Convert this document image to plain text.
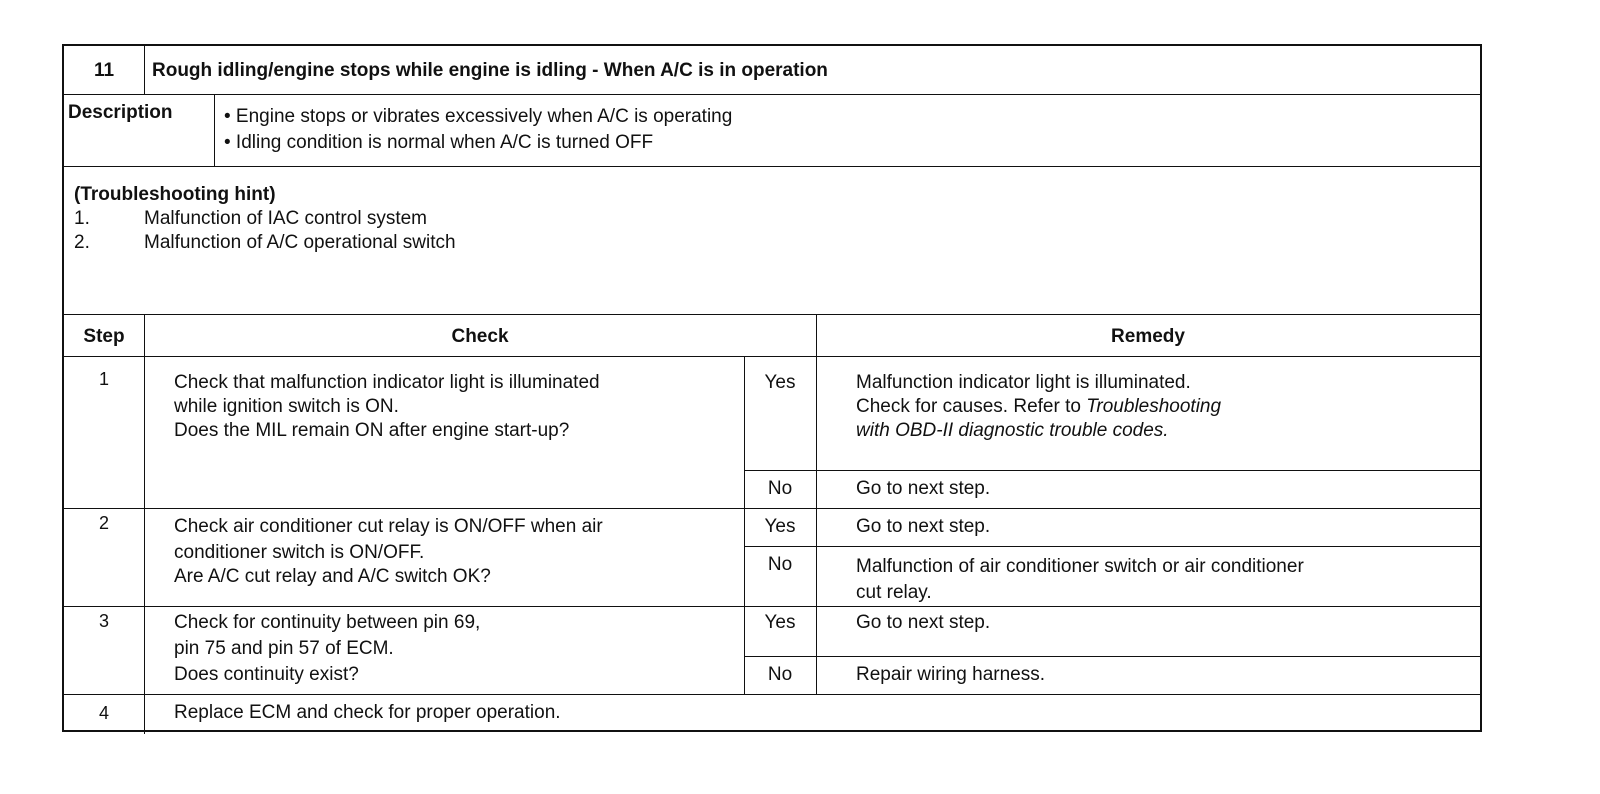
11	Rough idling/engine stops while engine is idling - When A/C is in operation
Description	• Engine stops or vibrates excessively when A/C is operating
• Idling condition is normal when A/C is turned OFF
(Troubleshooting hint)
1.	Malfunction of IAC control system
2.	Malfunction of A/C operational switch
Step	Check	Remedy
1	Check that malfunction indicator light is illuminated
while ignition switch is ON.
Does the MIL remain ON after engine start-up?
Yes	Malfunction indicator light is illuminated.
Check for causes. Refer to Troubleshooting
with OBD-II diagnostic trouble codes.
No	Go to next step.
2	Check air conditioner cut relay is ON/OFF when air
conditioner switch is ON/OFF.
Are A/C cut relay and A/C switch OK?
Yes	Go to next step.
No	Malfunction of air conditioner switch or air conditioner
cut relay.
3	Check for continuity between pin 69,
pin 75 and pin 57 of ECM.
Does continuity exist?
Yes	Go to next step.
No	Repair wiring harness.
4	Replace ECM and check for proper operation.
